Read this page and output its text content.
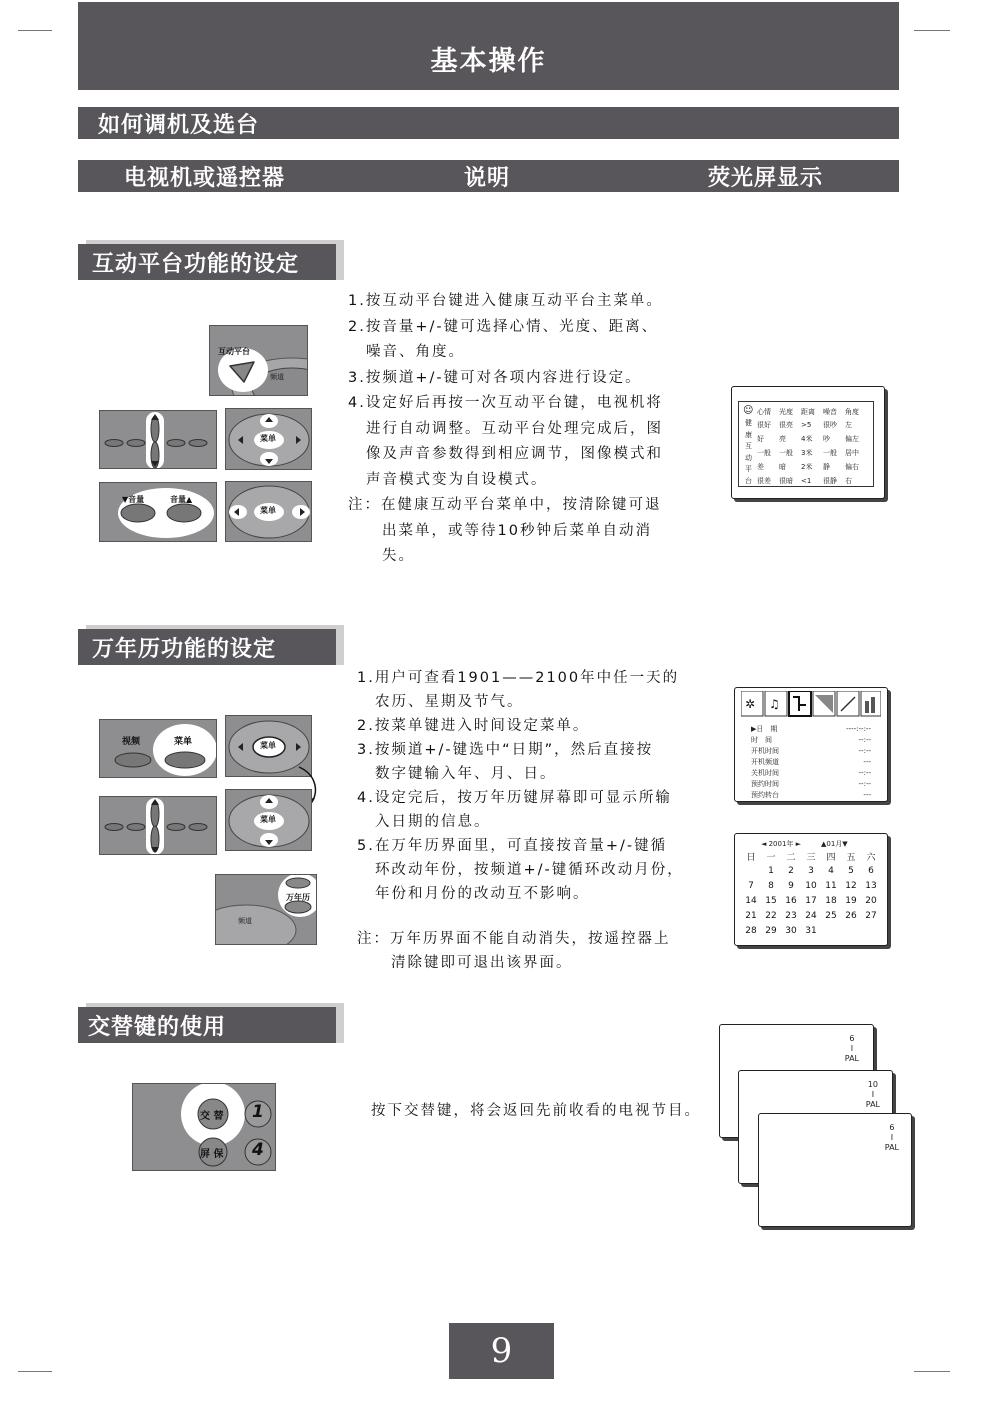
基本操作
如何调机及选台
电视机或遥控器	说明	荧光屏显示
互动平台功能的设定
互动平台
频道
菜单
▼音量	音量▲
菜单
1.按互动平台键进入健康互动平台主菜单。
2.按音量+/-键可选择心情、光度、距离、
噪音、角度。
3.按频道+/-键可对各项内容进行设定。
4.设定好后再按一次互动平台键，电视机将
进行自动调整。互动平台处理完成后，图
像及声音参数得到相应调节，图像模式和
声音模式变为自设模式。
注：在健康互动平台菜单中，按清除键可退
出菜单，或等待10秒钟后菜单自动消
失。
☺
健
康
互
动
平
台
心情	光度	距离	噪音	角度
很好	很亮	>5	很吵	左
好	亮	4米	吵	偏左
一般	一般	3米	一般	居中
差	暗	2米	静	偏右
很差	很暗	<1	很静	右
万年历功能的设定
视频	菜单	菜单
菜单
万年历
频道
1.用户可查看1901——2100年中任一天的
农历、星期及节气。
2.按菜单键进入时间设定菜单。
3.按频道+/-键选中“日期”，然后直接按
数字键输入年、月、日。
4.设定完后，按万年历键屏幕即可显示所输
入日期的信息。
5.在万年历界面里，可直接按音量+/-键循
环改动年份，按频道+/-键循环改动月份，
年份和月份的改动互不影响。
注：万年历界面不能自动消失，按遥控器上
清除键即可退出该界面。
✲ ♫
▶日　期	----:--:--
时　间	--:--
开机时间	--:--
开机频道	---
关机时间	--:--
预约时间	--:--
预约转台	---
◄ 2001年 ►	▲01月▼
日	一	二	三	四	五	六
	1	2	3	4	5	6
7	8	9	10	11	12	13
14	15	16	17	18	19	20
21	22	23	24	25	26	27
28	29	30	31			
交替键的使用
交 替
屏 保
1
4
按下交替键，将会返回先前收看的电视节目。
6
I
PAL
10
I
PAL
6
I
PAL
9
